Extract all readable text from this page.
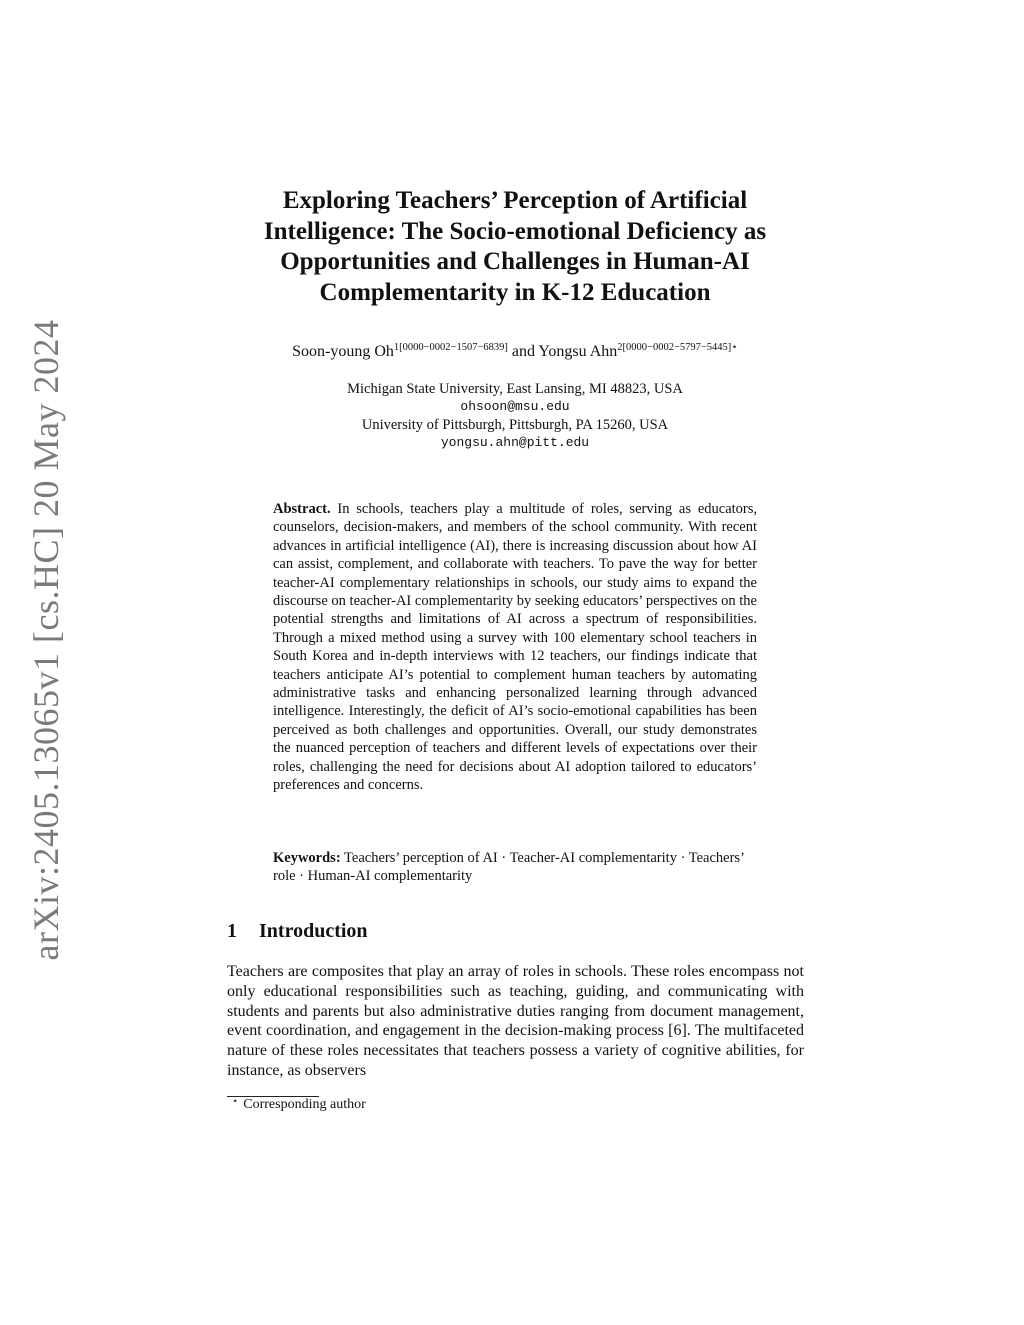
arXiv:2405.13065v1 [cs.HC] 20 May 2024
Exploring Teachers’ Perception of Artificial
Intelligence: The Socio-emotional Deficiency as
Opportunities and Challenges in Human-AI
Complementarity in K-12 Education
Soon-young $Oh^{1[0000-0002-1507-6839]}$ and Yongsu Ahn$^{2[0000-0002-5797-5445]⋆}$
Michigan State University, East Lansing, MI 48823, USA
ohsoon@msu.edu
University of Pittsburgh, Pittsburgh, PA 15260, USA
yongsu.ahn@pitt.edu
Abstract. In schools, teachers play a multitude of roles, serving as educators, counselors, decision-makers, and members of the school community. With recent advances in artificial intelligence (AI), there is increasing discussion about how AI can assist, complement, and collaborate with teachers. To pave the way for better teacher-AI complementary relationships in schools, our study aims to expand the discourse on teacher-AI complementarity by seeking educators’ perspectives on the potential strengths and limitations of AI across a spectrum of responsibilities. Through a mixed method using a survey with 100 elementary school teachers in South Korea and in-depth interviews with 12 teachers, our findings indicate that teachers anticipate AI’s potential to complement human teachers by automating administrative tasks and enhancing personalized learning through advanced intelligence. Interestingly, the deficit of AI’s socio-emotional capabilities has been perceived as both challenges and opportunities. Overall, our study demonstrates the nuanced perception of teachers and different levels of expectations over their roles, challenging the need for decisions about AI adoption tailored to educators’ preferences and concerns.
Keywords: Teachers’ perception of AI · Teacher-AI complementarity · Teachers’ role · Human-AI complementarity
1 Introduction
Teachers are composites that play an array of roles in schools. These roles encompass not only educational responsibilities such as teaching, guiding, and communicating with students and parents but also administrative duties ranging from document management, event coordination, and engagement in the decision-making process [6]. The multifaceted nature of these roles necessitates that teachers possess a variety of cognitive abilities, for instance, as observers
⋆ Corresponding author
